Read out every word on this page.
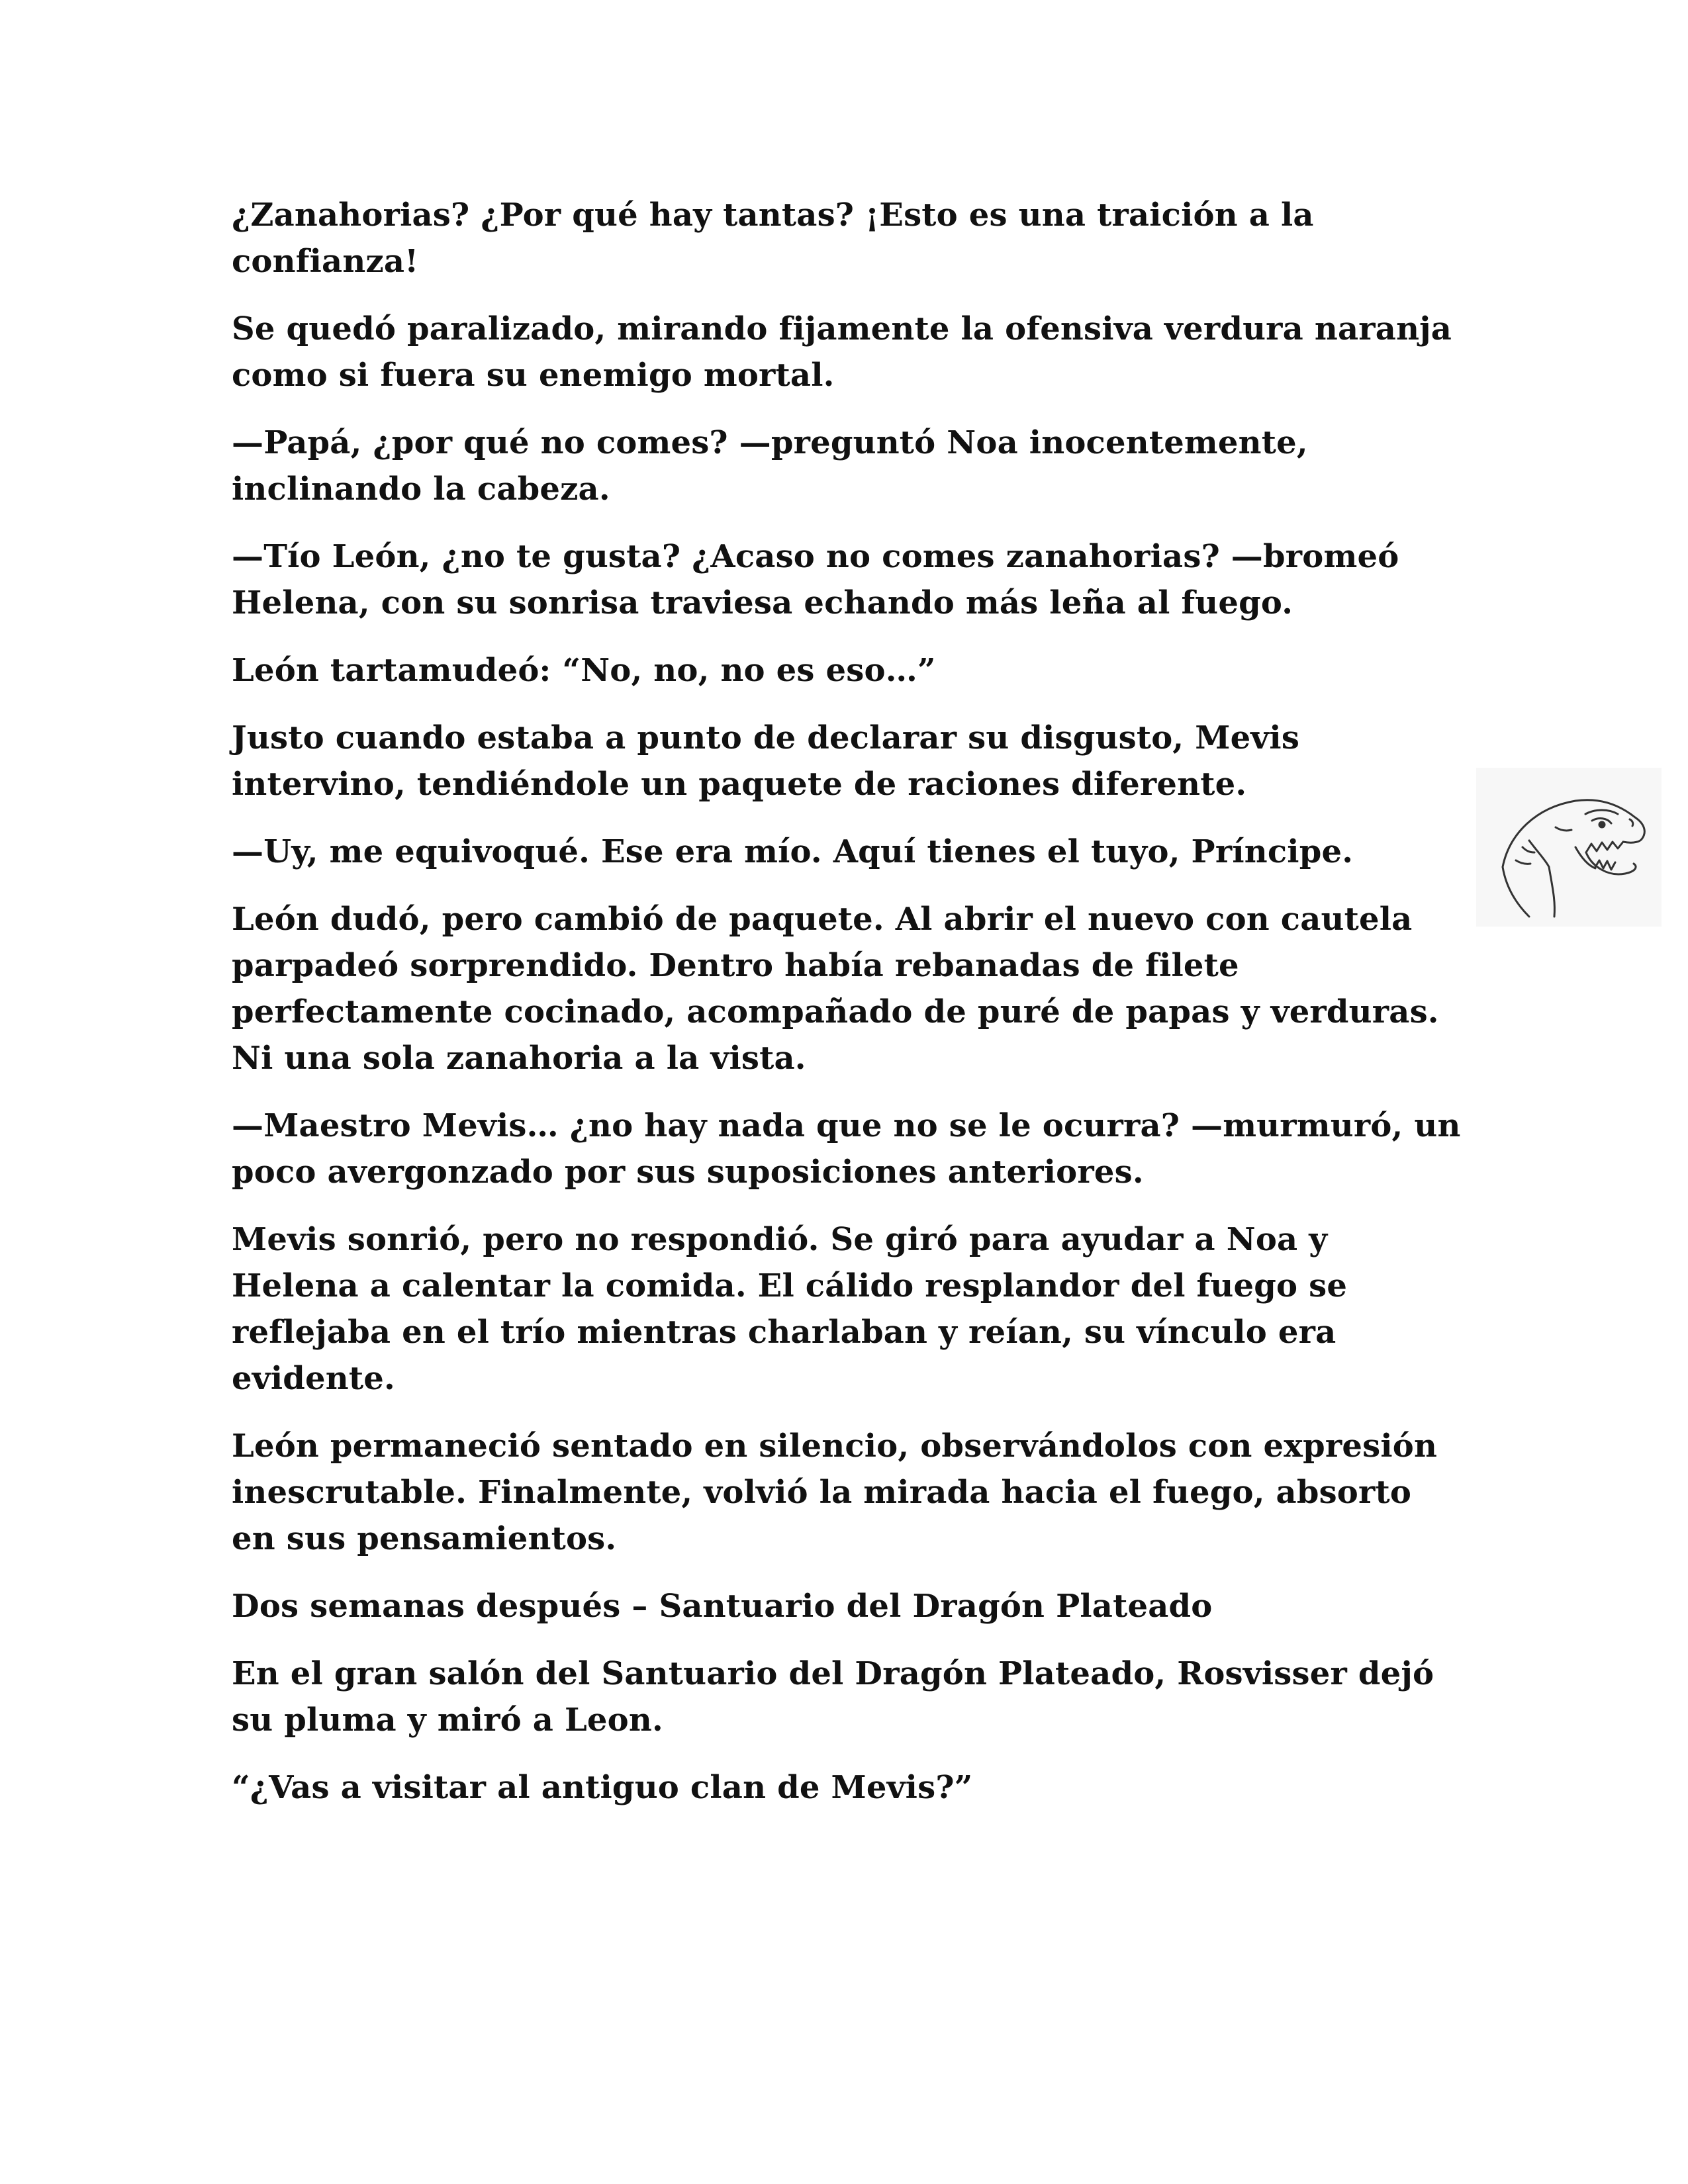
¿Zanahorias? ¿Por qué hay tantas? ¡Esto es una traición a la confianza!

Se quedó paralizado, mirando fijamente la ofensiva verdura naranja como si fuera su enemigo mortal.

—Papá, ¿por qué no comes? —preguntó Noa inocentemente, inclinando la cabeza.

—Tío León, ¿no te gusta? ¿Acaso no comes zanahorias? —bromeó Helena, con su sonrisa traviesa echando más leña al fuego.

León tartamudeó: “No, no, no es eso…”

Justo cuando estaba a punto de declarar su disgusto, Mevis intervino, tendiéndole un paquete de raciones diferente.

—Uy, me equivoqué. Ese era mío. Aquí tienes el tuyo, Príncipe.

León dudó, pero cambió de paquete. Al abrir el nuevo con cautela parpadeó sorprendido. Dentro había rebanadas de filete perfectamente cocinado, acompañado de puré de papas y verduras. Ni una sola zanahoria a la vista.

—Maestro Mevis… ¿no hay nada que no se le ocurra? —murmuró, un poco avergonzado por sus suposiciones anteriores.

Mevis sonrió, pero no respondió. Se giró para ayudar a Noa y Helena a calentar la comida. El cálido resplandor del fuego se reflejaba en el trío mientras charlaban y reían, su vínculo era evidente.

León permaneció sentado en silencio, observándolos con expresión inescrutable. Finalmente, volvió la mirada hacia el fuego, absorto en sus pensamientos.

Dos semanas después – Santuario del Dragón Plateado

En el gran salón del Santuario del Dragón Plateado, Rosvisser dejó su pluma y miró a Leon.

“¿Vas a visitar al antiguo clan de Mevis?”
